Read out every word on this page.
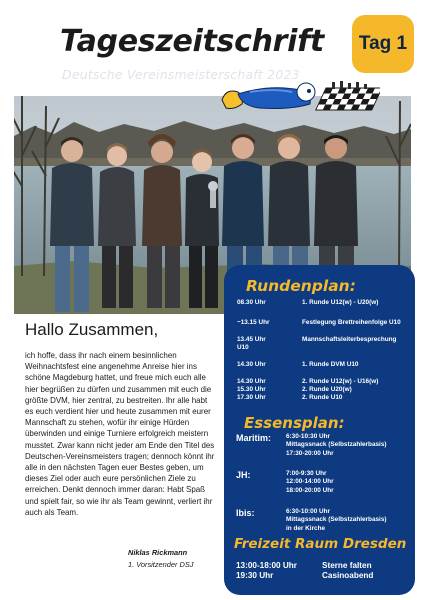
Tageszeitschrift
Deutsche Vereinsmeisterschaft 2023
Tag 1
Hallo Zusammen,
ich hoffe, dass ihr nach einem besinnlichen Weihnachtsfest eine angenehme Anreise hier ins schöne Magdeburg hattet, und freue mich euch alle hier begrüßen zu dürfen und zusammen mit euch die größte DVM, hier zentral, zu bestreiten. Ihr alle habt es euch verdient hier und heute zusammen mit eurer Mannschaft zu stehen, wofür ihr einige Hürden überwinden und einige Turniere erfolgreich meistern musstet. Zwar kann nicht jeder am Ende den Titel des Deutschen-Vereinsmeisters tragen; dennoch könnt ihr alle in den nächsten Tagen euer Bestes geben, um dieses Ziel oder auch eure persönlichen Ziele zu erreichen. Denkt dennoch immer daran: Habt Spaß und spielt fair, so wie ihr als Team gewinnt, verliert ihr auch als Team.
Niklas Rickmann
1. Vorsitzender DSJ
Rundenplan:
08.30 Uhr	1. Runde U12(w) - U20(w)
~13.15 Uhr	Festlegung Brettreihenfolge U10
13.45 Uhr	Mannschaftsleiterbesprechung
U10
14.30 Uhr	1. Runde DVM U10
14.30 Uhr	2. Runde U12(w) - U16(w)
15.30 Uhr	2. Runde U20(w)
17.30 Uhr	2. Runde U10
Essensplan:
Maritim: 6:30-10:30 Uhr
Mittagssnack (Selbstzahlerbasis)
17:30-20:00 Uhr
JH:	7:00-9:30 Uhr
12:00-14:00 Uhr
18:00-20:00 Uhr
Ibis:	6:30-10:00 Uhr
Mittagssnack (Selbstzahlerbasis)
in der Kirche
Freizeit Raum Dresden
13:00-18:00 Uhr	Sterne falten
19:30 Uhr	Casinoabend
